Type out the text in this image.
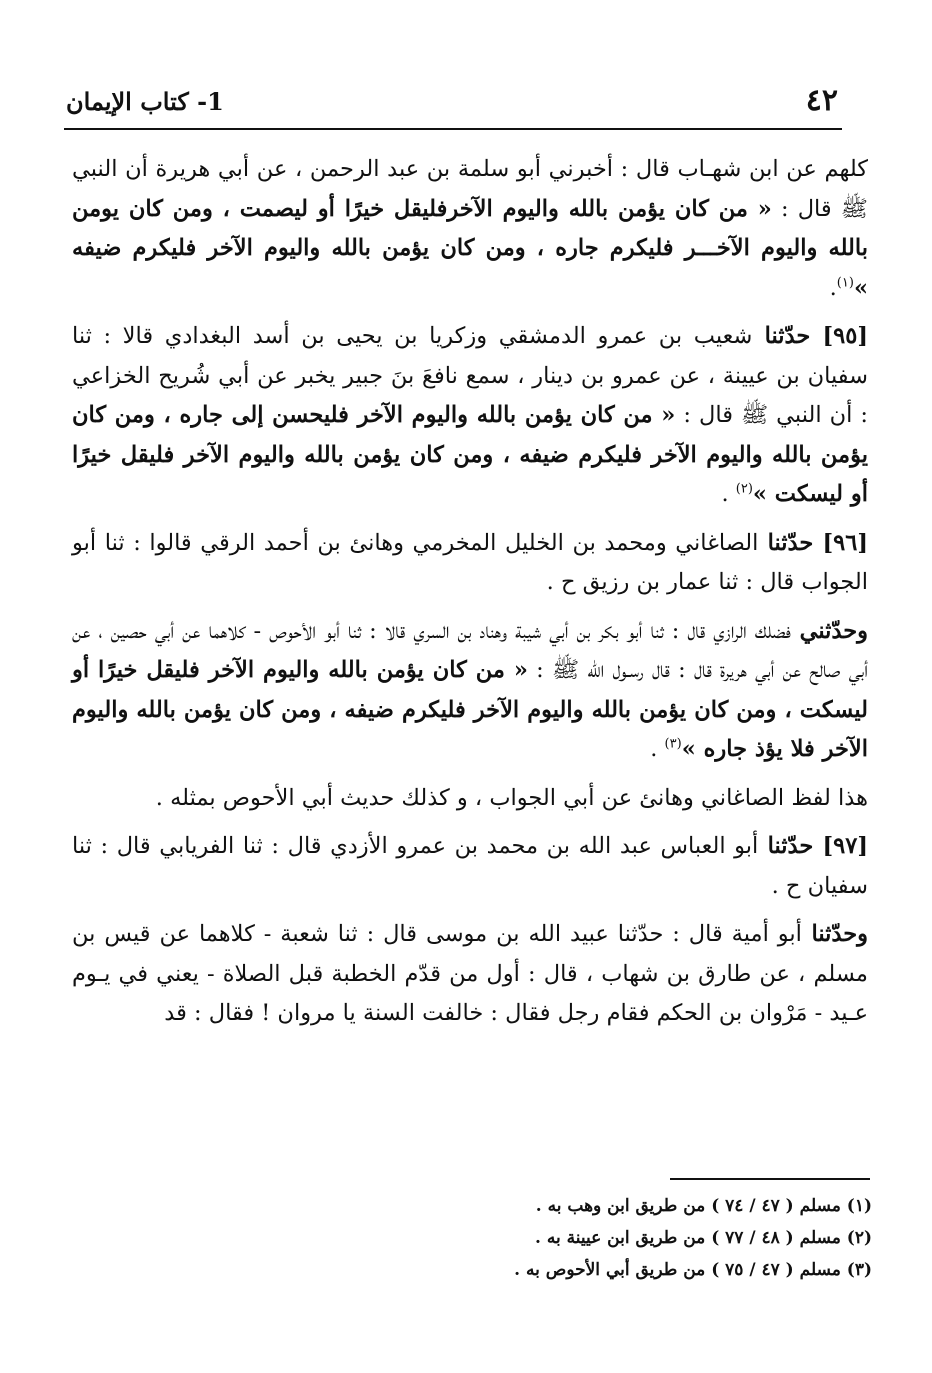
٤٢
1- كتاب الإيمان

كلهم عن ابن شهـاب قال : أخبرني أبو سلمة بن عبد الرحمن ، عن أبي هريرة أن النبي ﷺ قال : « من كان يؤمن بالله واليوم الآخرفليقل خيرًا أو ليصمت ، ومن كان يومن بالله واليوم الآخـــر فليكرم جاره ، ومن كان يؤمن بالله واليوم الآخر فليكرم ضيفه »$^{(١)}$.

[٩٥] حدّثنا شعيب بن عمرو الدمشقي وزكريا بن يحيى بن أسد البغدادي قالا : ثنا سفيان بن عيينة ، عن عمرو بن دينار ، سمع نافعَ بنَ جبير يخبر عن أبي شُريح الخزاعي : أن النبي ﷺ قال : « من كان يؤمن بالله واليوم الآخر فليحسن إلى جاره ، ومن كان يؤمن بالله واليوم الآخر فليكرم ضيفه ، ومن كان يؤمن بالله واليوم الآخر فليقل خيرًا أو ليسكت »$^{(٢)}$ .

[٩٦] حدّثنا الصاغاني ومحمد بن الخليل المخرمي وهانئ بن أحمد الرقي قالوا : ثنا أبو الجواب قال : ثنا عمار بن رزيق ح .

وحدّثني فضلك الرازي قال : ثنا أبو بكر بن أبي شيبة وهناد بن السري قالا : ثنا أبو الأحوص - كلاهما عن أبي حصين ، عن أبي صالح عن أبي هريرة قال : قال رسـول الله ﷺ : « من كان يؤمن بالله واليوم الآخر فليقل خيرًا أو ليسكت ، ومن كان يؤمن بالله واليوم الآخر فليكرم ضيفه ، ومن كان يؤمن بالله واليوم الآخر فلا يؤذ جاره »$^{(٣)}$ .

هذا لفظ الصاغاني وهانئ عن أبي الجواب ، و كذلك حديث أبي الأحوص بمثله .

[٩٧] حدّثنا أبو العباس عبد الله بن محمد بن عمرو الأزدي قال : ثنا الفريابي قال : ثنا سفيان ح .

وحدّثنا أبو أمية قال : حدّثنا عبيد الله بن موسى قال : ثنا شعبة - كلاهما عن قيس بن مسلم ، عن طارق بن شهاب ، قال : أول من قدّم الخطبة قبل الصلاة - يعني في يـوم عـيد - مَرْوان بن الحكم فقام رجل فقال : خالفت السنة يا مروان ! فقال : قد

(١) مسلم ( ٤٧ / ٧٤ ) من طريق ابن وهب به .
(٢) مسلم ( ٤٨ / ٧٧ ) من طريق ابن عيينة به .
(٣) مسلم ( ٤٧ / ٧٥ ) من طريق أبي الأحوص به .
